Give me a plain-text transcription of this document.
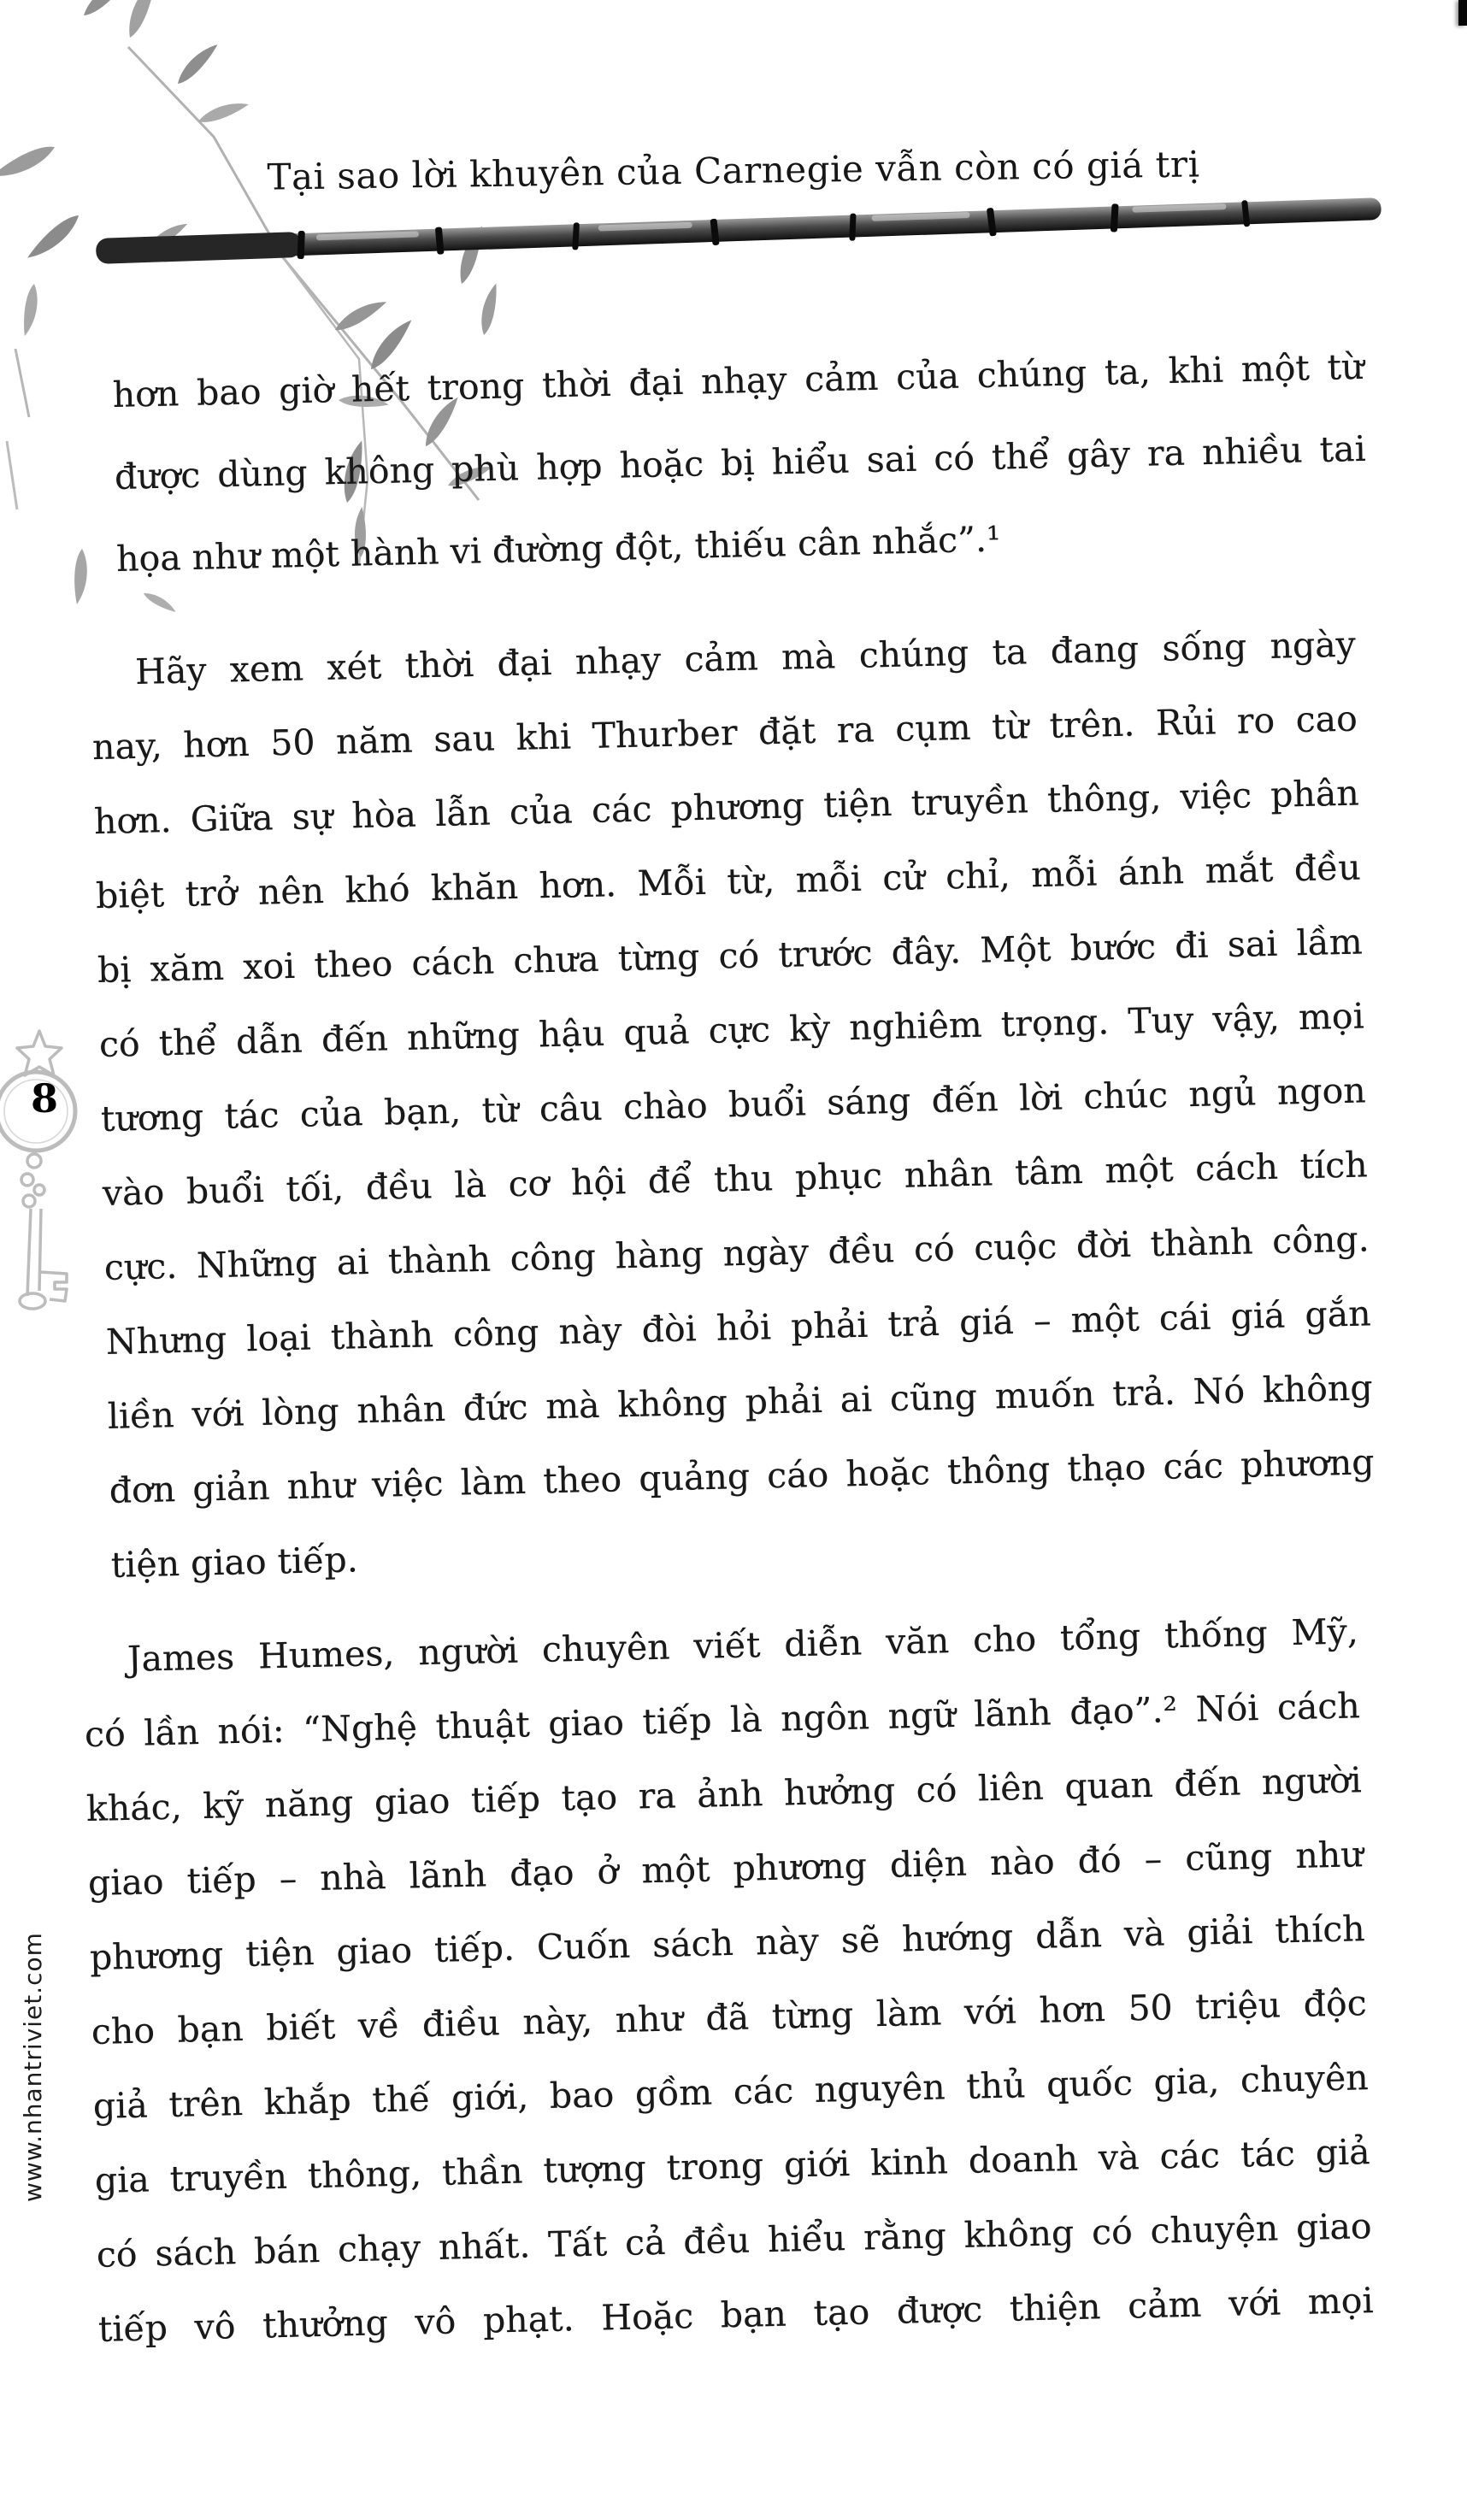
Tại sao lời khuyên của Carnegie vẫn còn có giá trị
8
www.nhantriviet.com
hơn bao giờ hết trong thời đại nhạy cảm của chúng ta, khi một từ
được dùng không phù hợp hoặc bị hiểu sai có thể gây ra nhiều tai
họa như một hành vi đường đột, thiếu cân nhắc”.¹
Hãy xem xét thời đại nhạy cảm mà chúng ta đang sống ngày
nay, hơn 50 năm sau khi Thurber đặt ra cụm từ trên. Rủi ro cao
hơn. Giữa sự hòa lẫn của các phương tiện truyền thông, việc phân
biệt trở nên khó khăn hơn. Mỗi từ, mỗi cử chỉ, mỗi ánh mắt đều
bị xăm xoi theo cách chưa từng có trước đây. Một bước đi sai lầm
có thể dẫn đến những hậu quả cực kỳ nghiêm trọng. Tuy vậy, mọi
tương tác của bạn, từ câu chào buổi sáng đến lời chúc ngủ ngon
vào buổi tối, đều là cơ hội để thu phục nhân tâm một cách tích
cực. Những ai thành công hàng ngày đều có cuộc đời thành công.
Nhưng loại thành công này đòi hỏi phải trả giá – một cái giá gắn
liền với lòng nhân đức mà không phải ai cũng muốn trả. Nó không
đơn giản như việc làm theo quảng cáo hoặc thông thạo các phương
tiện giao tiếp.
James Humes, người chuyên viết diễn văn cho tổng thống Mỹ,
có lần nói: “Nghệ thuật giao tiếp là ngôn ngữ lãnh đạo”.² Nói cách
khác, kỹ năng giao tiếp tạo ra ảnh hưởng có liên quan đến người
giao tiếp – nhà lãnh đạo ở một phương diện nào đó – cũng như
phương tiện giao tiếp. Cuốn sách này sẽ hướng dẫn và giải thích
cho bạn biết về điều này, như đã từng làm với hơn 50 triệu độc
giả trên khắp thế giới, bao gồm các nguyên thủ quốc gia, chuyên
gia truyền thông, thần tượng trong giới kinh doanh và các tác giả
có sách bán chạy nhất. Tất cả đều hiểu rằng không có chuyện giao
tiếp vô thưởng vô phạt. Hoặc bạn tạo được thiện cảm với mọi
